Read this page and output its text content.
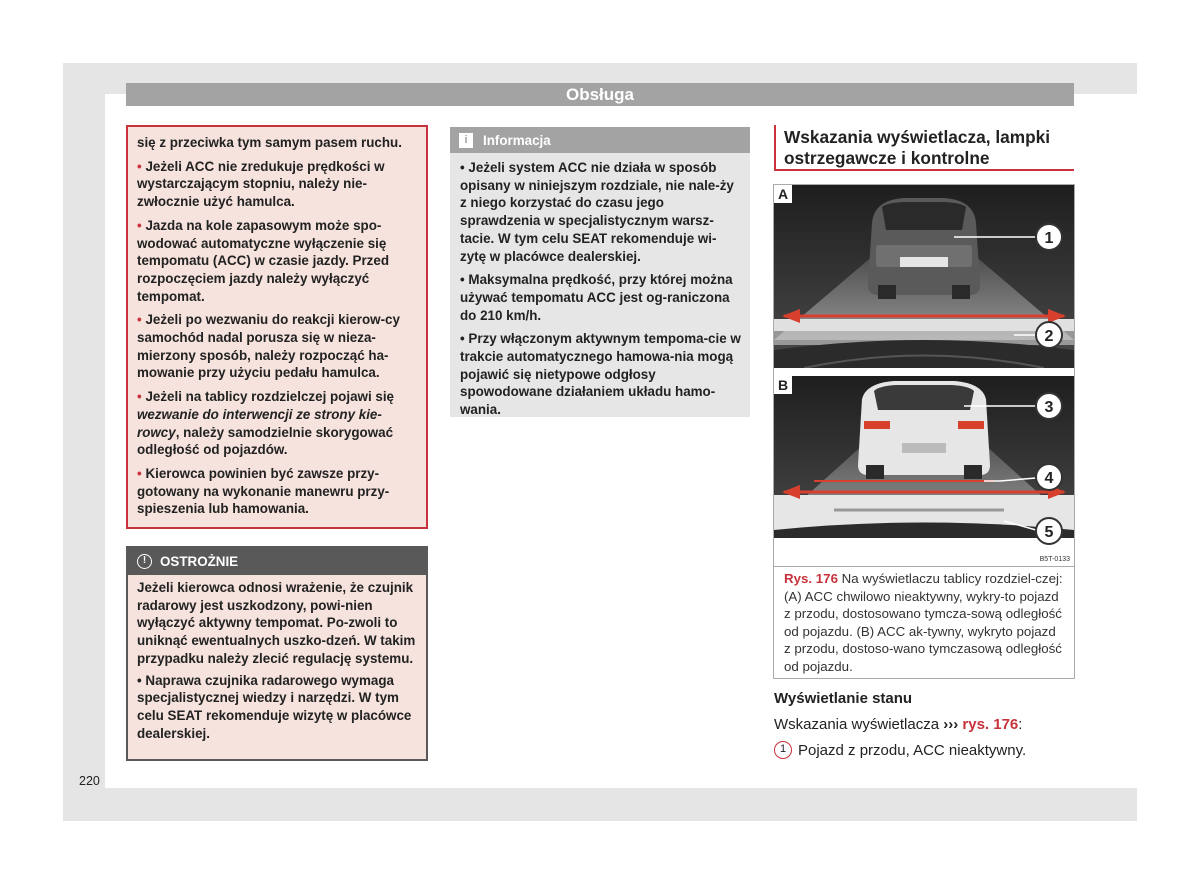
Obsługa

się z przeciwka tym samym pasem ruchu.

• Jeżeli ACC nie zredukuje prędkości w wystarczającym stopniu, należy nie-zwłocznie użyć hamulca.

• Jazda na kole zapasowym może spo-wodować automatyczne wyłączenie się tempomatu (ACC) w czasie jazdy. Przed rozpoczęciem jazdy należy wyłączyć tempomat.

• Jeżeli po wezwaniu do reakcji kierow-cy samochód nadal porusza się w nieza-mierzony sposób, należy rozpocząć ha-mowanie przy użyciu pedału hamulca.

• Jeżeli na tablicy rozdzielczej pojawi się wezwanie do interwencji ze strony kie-rowcy, należy samodzielnie skorygować odległość od pojazdów.

• Kierowca powinien być zawsze przy-gotowany na wykonanie manewru przy-spieszenia lub hamowania.

!	OSTROŻNIE

Jeżeli kierowca odnosi wrażenie, że czujnik radarowy jest uszkodzony, powi-nien wyłączyć aktywny tempomat. Po-zwoli to uniknąć ewentualnych uszko-dzeń. W takim przypadku należy zlecić regulację systemu.

• Naprawa czujnika radarowego wymaga specjalistycznej wiedzy i narzędzi. W tym celu SEAT rekomenduje wizytę w placówce dealerskiej.

i	Informacja

• Jeżeli system ACC nie działa w sposób opisany w niniejszym rozdziale, nie nale-ży z niego korzystać do czasu jego sprawdzenia w specjalistycznym warsz-tacie. W tym celu SEAT rekomenduje wi-zytę w placówce dealerskiej.

• Maksymalna prędkość, przy której można używać tempomatu ACC jest og-raniczona do 210 km/h.

• Przy włączonym aktywnym tempoma-cie w trakcie automatycznego hamowa-nia mogą pojawić się nietypowe odgłosy spowodowane działaniem układu hamo-wania.

Wskazania wyświetlacza, lampki ostrzegawcze i kontrolne
A
1
2
B
3
4
5
B5T-0133
Rys. 176 Na wyświetlaczu tablicy rozdziel-czej: (A) ACC chwilowo nieaktywny, wykry-to pojazd z przodu, dostosowano tymcza-sową odległość od pojazdu. (B) ACC ak-tywny, wykryto pojazd z przodu, dostoso-wano tymczasową odległość od pojazdu.
Wyświetlanie stanu
Wskazania wyświetlacza ››› rys. 176:
1 Pojazd z przodu, ACC nieaktywny.
220
